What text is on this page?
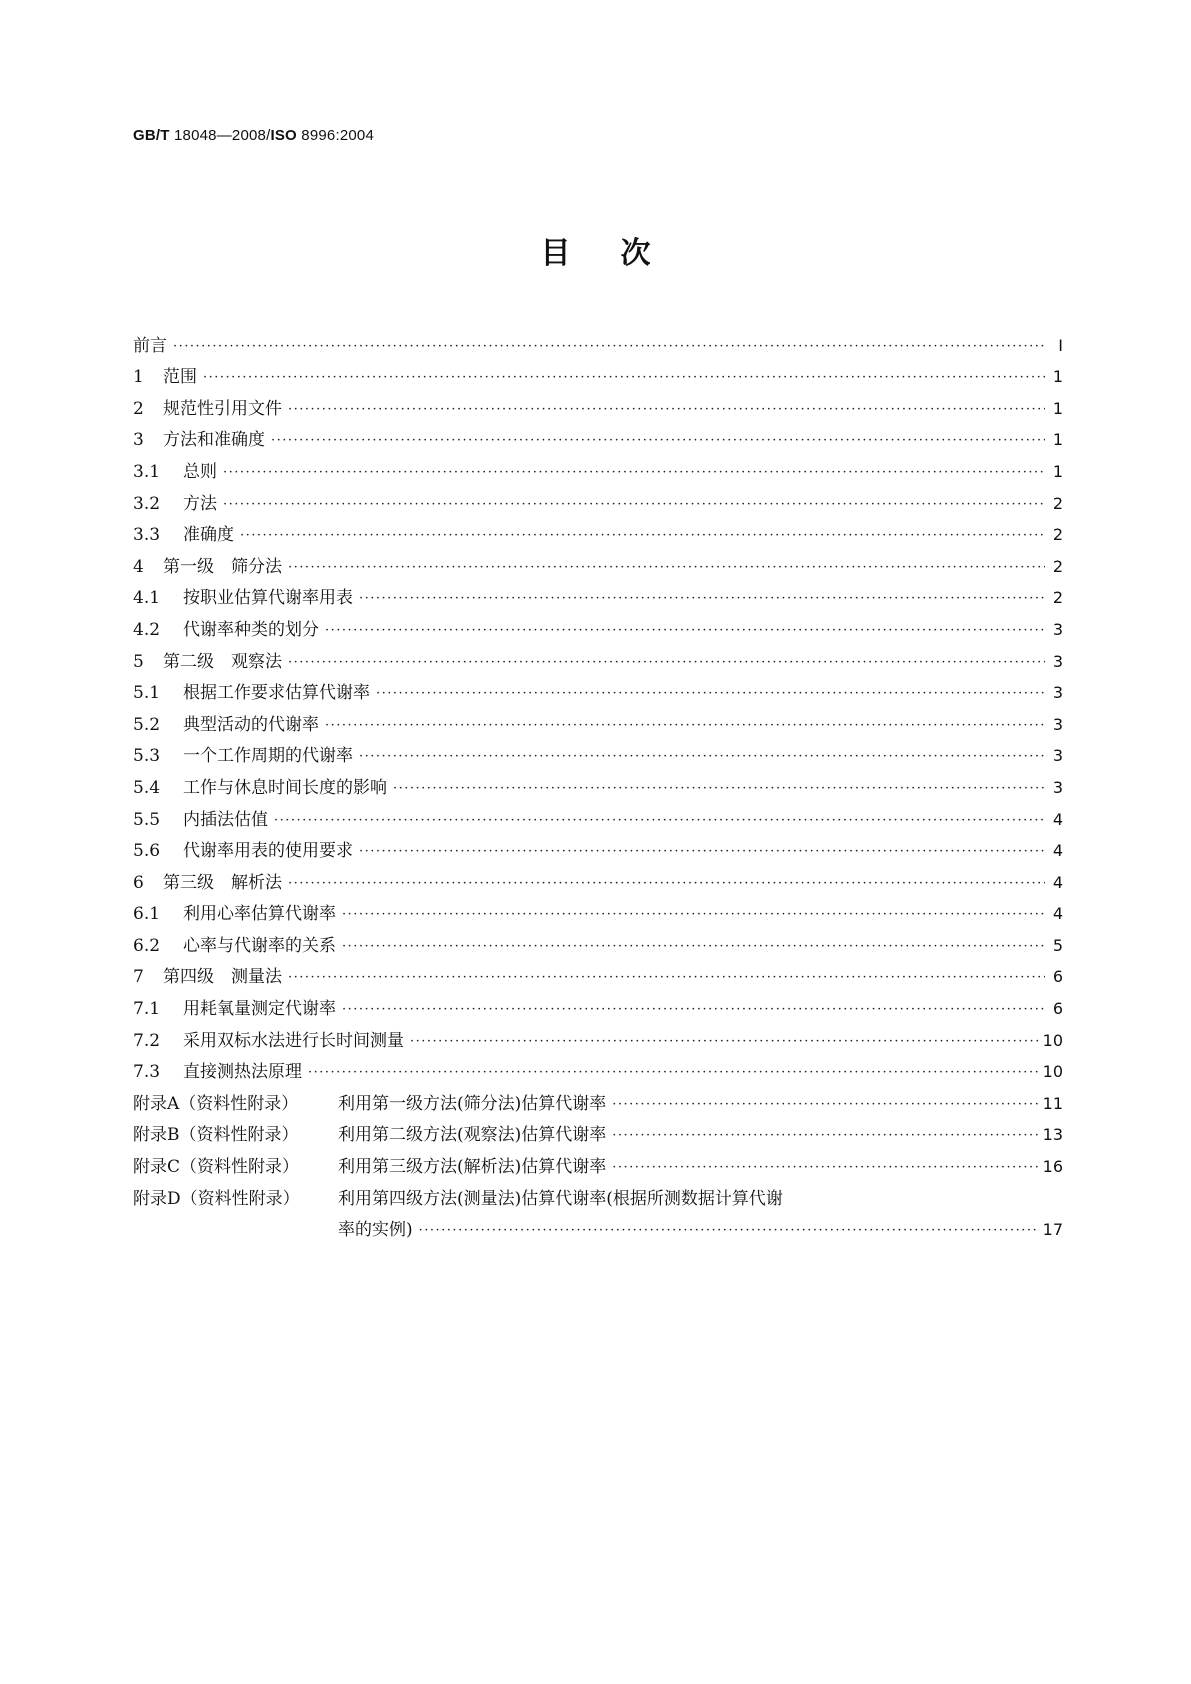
GB/T 18048—2008/ISO 8996:2004
目次
前言 ·····	Ⅰ
1	范围 ·····	1
2	规范性引用文件 ·····	1
3	方法和准确度 ·····	1
3.1	总则 ·····	1
3.2	方法 ·····	2
3.3	准确度 ·····	2
4	第一级　筛分法 ·····	2
4.1	按职业估算代谢率用表 ·····	2
4.2	代谢率种类的划分 ·····	3
5	第二级　观察法 ·····	3
5.1	根据工作要求估算代谢率 ·····	3
5.2	典型活动的代谢率 ·····	3
5.3	一个工作周期的代谢率 ·····	3
5.4	工作与休息时间长度的影响 ·····	3
5.5	内插法估值 ·····	4
5.6	代谢率用表的使用要求 ·····	4
6	第三级　解析法 ·····	4
6.1	利用心率估算代谢率 ·····	4
6.2	心率与代谢率的关系 ·····	5
7	第四级　测量法 ·····	6
7.1	用耗氧量测定代谢率 ·····	6
7.2	采用双标水法进行长时间测量 ·····	10
7.3	直接测热法原理 ·····	10
附录A（资料性附录）	利用第一级方法(筛分法)估算代谢率 ·····	11
附录B（资料性附录）	利用第二级方法(观察法)估算代谢率 ·····	13
附录C（资料性附录）	利用第三级方法(解析法)估算代谢率 ·····	16
附录D（资料性附录）	利用第四级方法(测量法)估算代谢率(根据所测数据计算代谢
率的实例) ·····	17
